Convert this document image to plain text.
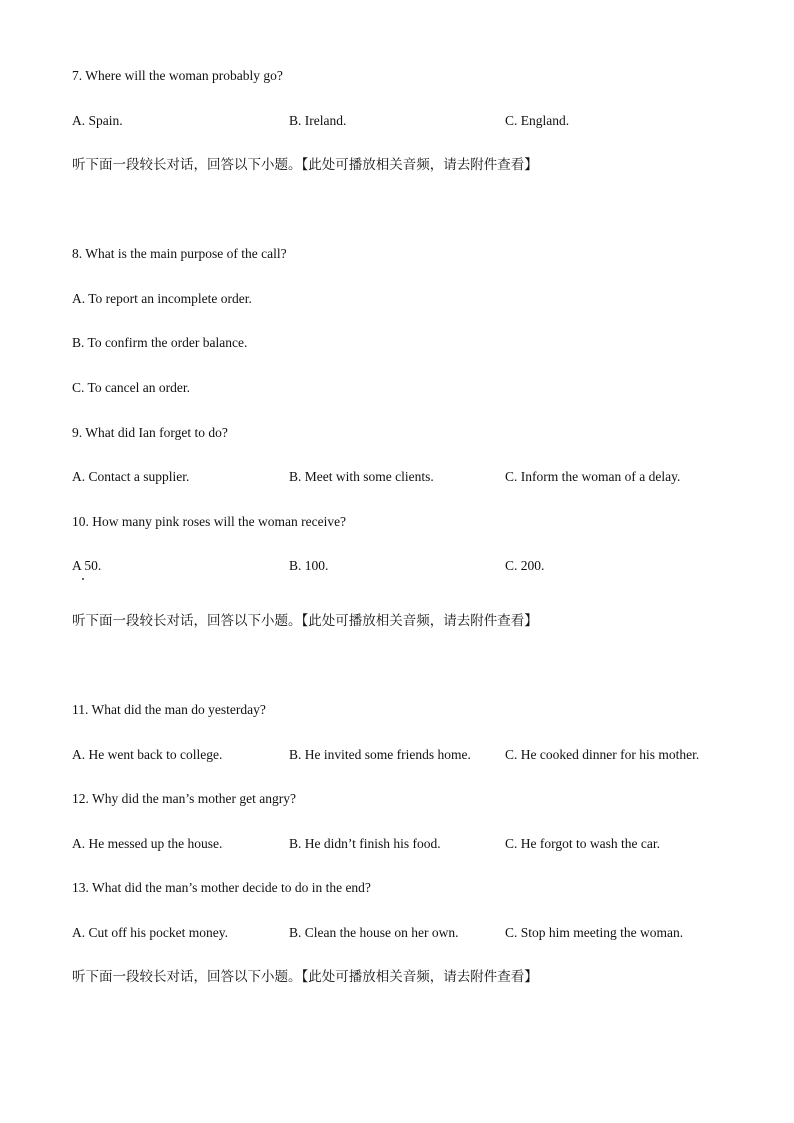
7. Where will the woman probably go?
A. Spain.	B. Ireland.	C. England.
听下面一段较长对话，回答以下小题。【此处可播放相关音频，请去附件查看】
8. What is the main purpose of the call?
A. To report an incomplete order.
B. To confirm the order balance.
C. To cancel an order.
9. What did Ian forget to do?
A. Contact a supplier.	B. Meet with some clients.	C. Inform the woman of a delay.
10. How many pink roses will the woman receive?
A 50.	B. 100.	C. 200.
听下面一段较长对话，回答以下小题。【此处可播放相关音频，请去附件查看】
11. What did the man do yesterday?
A. He went back to college.	B. He invited some friends home.	C. He cooked dinner for his mother.
12. Why did the man’s mother get angry?
A. He messed up the house.	B. He didn’t finish his food.	C. He forgot to wash the car.
13. What did the man’s mother decide to do in the end?
A. Cut off his pocket money.	B. Clean the house on her own.	C. Stop him meeting the woman.
听下面一段较长对话，回答以下小题。【此处可播放相关音频，请去附件查看】
